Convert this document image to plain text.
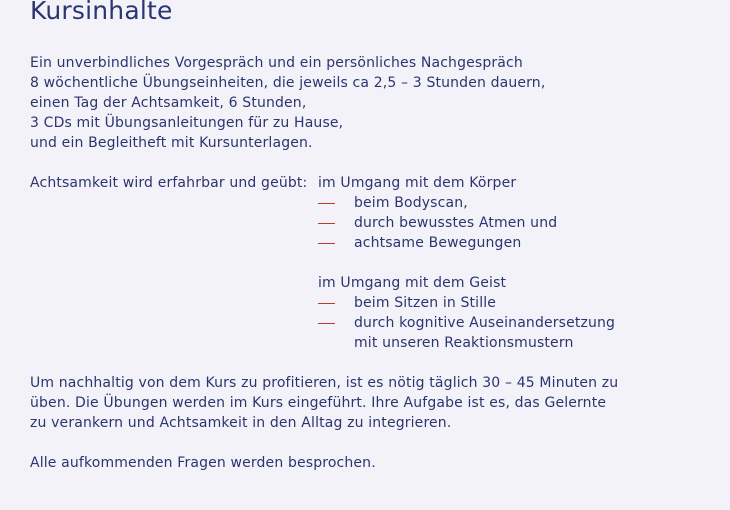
Kursinhalte
Ein unverbindliches Vorgespräch und ein persönliches Nachgespräch
8 wöchentliche Übungseinheiten, die jeweils ca 2,5 – 3 Stunden dauern,
einen Tag der Achtsamkeit, 6 Stunden,
3 CDs mit Übungsanleitungen für zu Hause,
und ein Begleitheft mit Kursunterlagen.
Achtsamkeit wird erfahrbar und geübt: im Umgang mit dem Körper
beim Bodyscan,
durch bewusstes Atmen und
achtsame Bewegungen
im Umgang mit dem Geist
beim Sitzen in Stille
durch kognitive Auseinandersetzung
mit unseren Reaktionsmustern
Um nachhaltig von dem Kurs zu profitieren, ist es nötig täglich 30 – 45 Minuten zu
üben. Die Übungen werden im Kurs eingeführt. Ihre Aufgabe ist es, das Gelernte
zu verankern und Achtsamkeit in den Alltag zu integrieren.
Alle aufkommenden Fragen werden besprochen.
